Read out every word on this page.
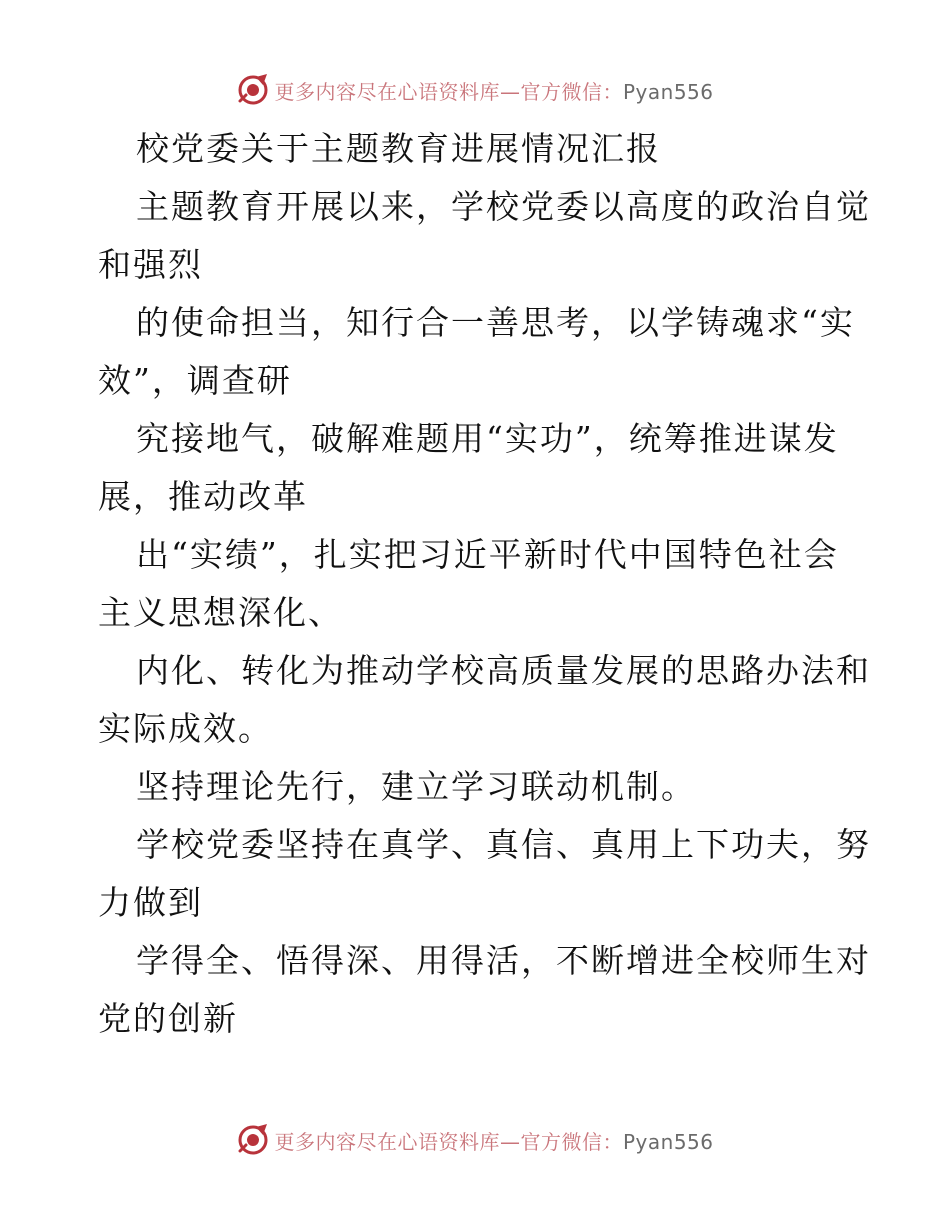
更多内容尽在心语资料库—官方微信：Pyan556
校党委关于主题教育进展情况汇报
主题教育开展以来，学校党委以高度的政治自觉
和强烈
的使命担当，知行合一善思考，以学铸魂求“实
效”，调查研
究接地气，破解难题用“实功”，统筹推进谋发
展，推动改革
出“实绩”，扎实把习近平新时代中国特色社会
主义思想深化、
内化、转化为推动学校高质量发展的思路办法和
实际成效。
坚持理论先行，建立学习联动机制。
学校党委坚持在真学、真信、真用上下功夫，努
力做到
学得全、悟得深、用得活，不断增进全校师生对
党的创新
更多内容尽在心语资料库—官方微信：Pyan556
